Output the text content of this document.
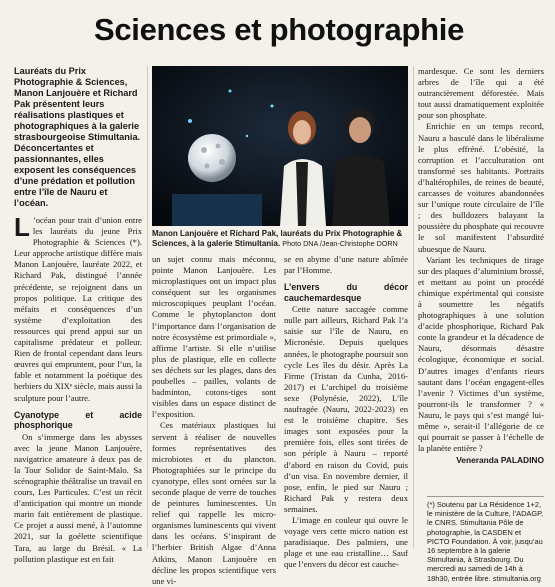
Sciences et photographie
Lauréats du Prix Photographie & Sciences, Manon Lanjouère et Richard Pak présentent leurs réalisations plastiques et photographiques à la galerie strasbourgeoise Stimultania. Déconcertantes et passionnantes, elles exposent les conséquences d’une prédation et pollution entre l’île de Nauru et l’océan.

L ’océan pour trait d’union entre les lauréats du jeune Prix Photographie & Sciences (*). Leur approche artistique diffère mais Manon Lanjouère, lauréate 2022, et Richard Pak, distingué l’année précédente, se rejoignent dans un propos politique. La critique des méfaits et conséquences d’un système d’exploitation des ressources qui prend appui sur un capitalisme prédateur et polleur. Rien de frontal cependant dans leurs œuvres qui empruntent, pour l’un, la fable et notamment la poétique des herbiers du XIXᵉ siècle, mais aussi la sculpture pour l’autre.

Cyanotype et acide phosphorique

On s’immerge dans les abysses avec la jeune Manon Lanjouère, navigatrice amateure à deux pas de la Tour Solidor de Saint-Malo. Sa scénographie théâtralise un travail en cours, Les Particules. C’est un récit d’anticipation qui montre un monde marin fait entièrement de plastique. Ce projet a aussi mené, à l’automne 2021, sur la goélette scientifique Tara, au large du Brésil. « La pollution plastique est en fait

Manon Lanjouère et Richard Pak, lauréats du Prix Photographie & Sciences, à la galerie Stimultania. Photo DNA /Jean-Christophe DORN

un sujet connu mais méconnu, pointe Manon Lanjouère. Les microplastiques ont un impact plus conséquent sur les organismes microscopiques peuplant l’océan. Comme le phytoplancton dont l’importance dans l’organisation de notre écosystème est primordiale », affirme l’artiste. Si elle n’utilise plus de plastique, elle en collecte ses déchets sur les plages, dans des poubelles – pailles, volants de badminton, cotons-tiges sont visibles dans un espace distinct de l’exposition.

Ces matériaux plastiques lui servent à réaliser de nouvelles formes représentatives des microbiotes et du plancton. Photographiées sur le principe du cyanotype, elles sont ornées sur la seconde plaque de verre de touches de peintures luminescentes. Un relief qui rappelle les micro-organismes luminescents qui vivent dans les océans. S’inspirant de l’herbier British Algae d’Anna Atkins, Manon Lanjouère en décline les propos scientifique vers une vi-

se en abyme d’une nature abîmée par l’Homme.

L’envers du décor cauchemardesque

Cette nature saccagée comme nulle part ailleurs, Richard Pak l’a saisie sur l’île de Nauru, en Micronésie. Depuis quelques années, le photographe poursuit son cycle Les îles du désir. Après La Firme (Tristan da Cunha, 2016-2017) et L’archipel du troisième sexe (Polynésie, 2022), L’île naufragée (Nauru, 2022-2023) en est le troisième chapitre. Ses images sont exposées pour la première fois, elles sont tirées de son périple à Nauru – reporté d’abord en raison du Covid, puis d’un visa. En novembre dernier, il pose, enfin, le pied sur Nauru ; Richard Pak y restera deux semaines.

L’image en couleur qui ouvre le voyage vers cette micro nation est paradisiaque. Des palmiers, une plage et une eau cristalline… Sauf que l’envers du décor est cauche-

mardesque. Ce sont les derniers arbres de l’île qui a été outrancièrement déforestée. Mais tout aussi dramatiquement exploitée pour son phosphate.

Enrichie en un temps record, Nauru a basculé dans le libéralisme le plus effréné. L’obésité, la corruption et l’acculturation ont transformé ses habitants. Portraits d’haltérophiles, de reines de beauté, carcasses de voitures abandonnées sur l’unique route circulaire de l’île ; des bulldozers balayant la poussière du phosphate qui recouvre le sol manifestent l’absurdité ubuesque de Nauru.

Variant les techniques de tirage sur des plaques d’aluminium brossé, et mettant au point un procédé chimique expérimental qui consiste à soumettre les négatifs photographiques à une solution d’acide phosphorique, Richard Pak conte la grandeur et la décadence de Nauru, désormais désastre écologique, économique et social. D’autres images d’enfants rieurs sautant dans l’océan engagent-elles l’avenir ? Victimes d’un système, pourront-ils le transformer ? « Nauru, le pays qui s’est mangé lui-même », serait-il l’allégorie de ce qui pourrait se passer à l’échelle de la planète entière ?

Veneranda PALADINO
(*) Soutenu par La Résidence 1+2, le ministère de la Culture, l’ADAGP, le CNRS. Stimultania Pôle de photographie, la CASDEN et PICTO Foundation. À voir, jusqu’au 16 septembre à la galerie Stimultania, à Strasbourg. Du mercredi au samedi de 14h à 18h30, entrée libre. stimultania.org
